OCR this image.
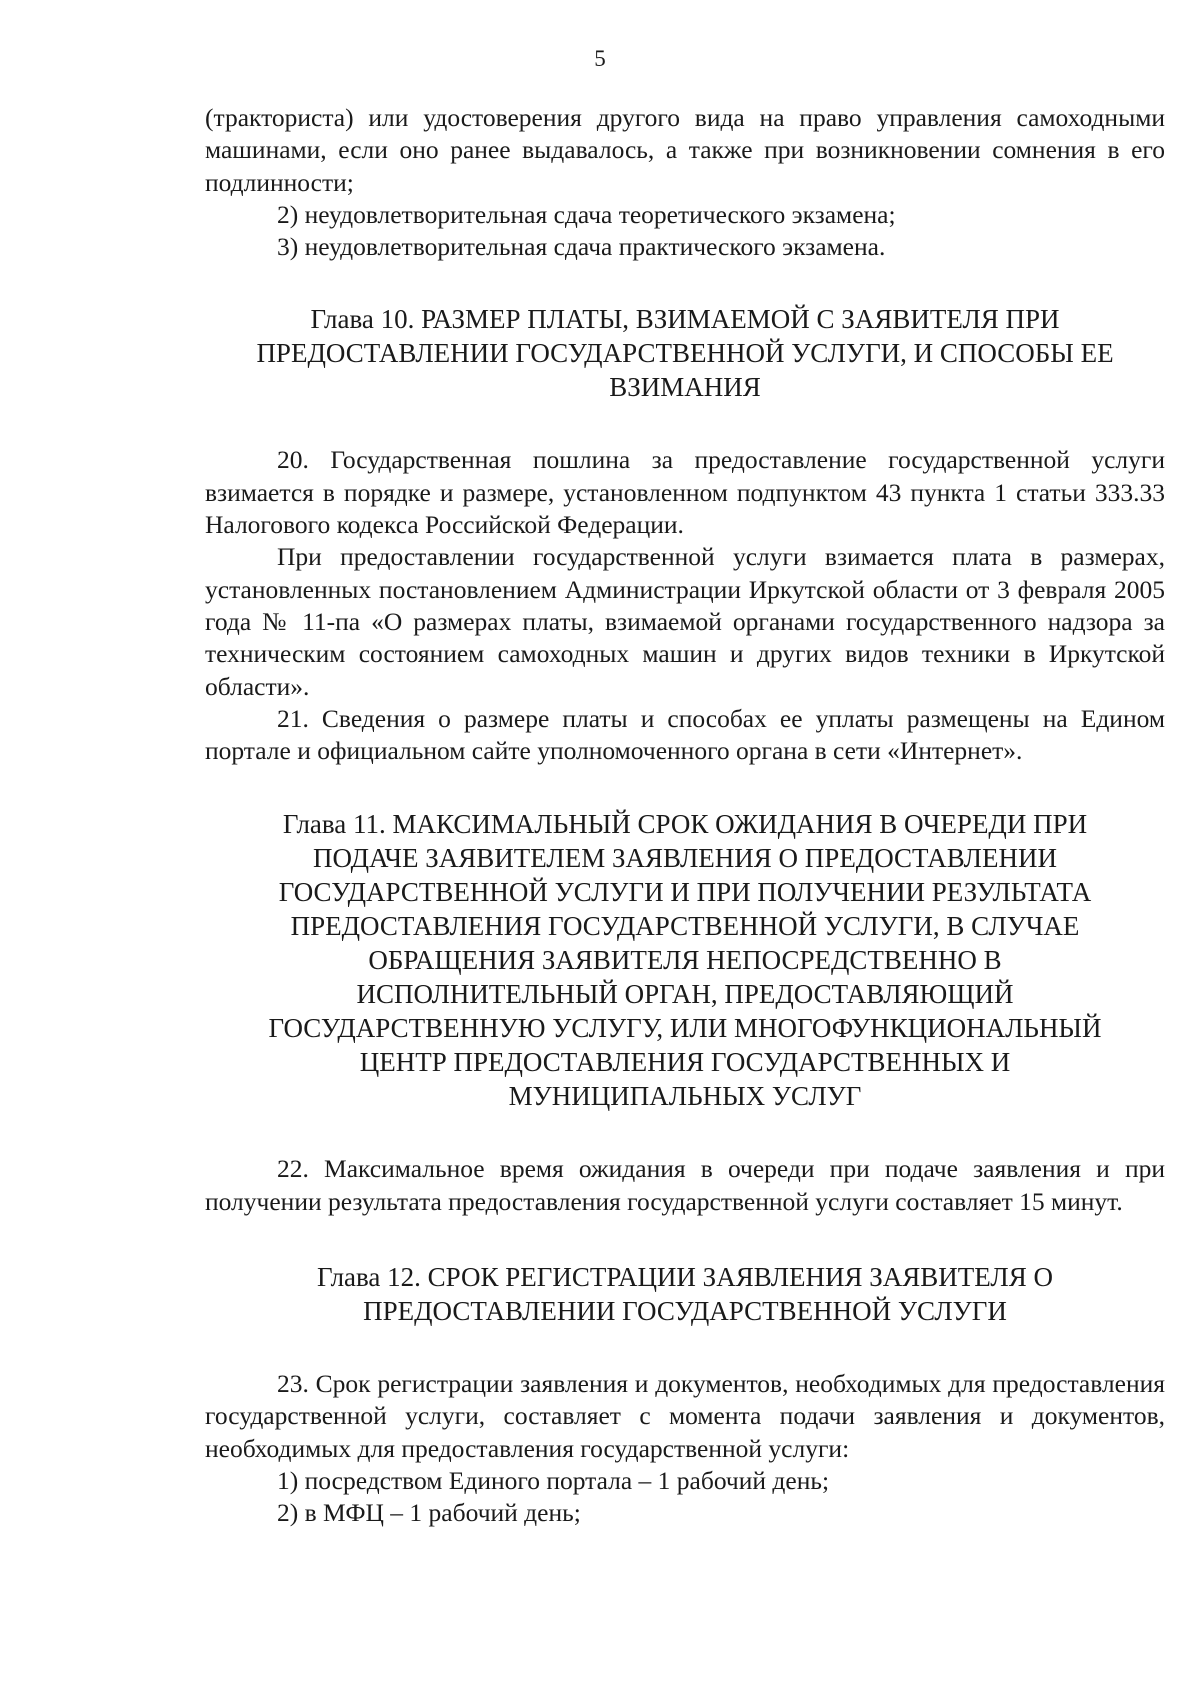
5

(тракториста) или удостоверения другого вида на право управления самоходными машинами, если оно ранее выдавалось, а также при возникновении сомнения в его подлинности;

2) неудовлетворительная сдача теоретического экзамена;

3) неудовлетворительная сдача практического экзамена.

Глава 10. РАЗМЕР ПЛАТЫ, ВЗИМАЕМОЙ С ЗАЯВИТЕЛЯ ПРИ
ПРЕДОСТАВЛЕНИИ ГОСУДАРСТВЕННОЙ УСЛУГИ, И СПОСОБЫ ЕЕ
ВЗИМАНИЯ

20. Государственная пошлина за предоставление государственной услуги взимается в порядке и размере, установленном подпунктом 43 пункта 1 статьи 333.33 Налогового кодекса Российской Федерации.

При предоставлении государственной услуги взимается плата в размерах, установленных постановлением Администрации Иркутской области от 3 февраля 2005 года № 11-па «О размерах платы, взимаемой органами государственного надзора за техническим состоянием самоходных машин и других видов техники в Иркутской области».

21. Сведения о размере платы и способах ее уплаты размещены на Едином портале и официальном сайте уполномоченного органа в сети «Интернет».

Глава 11. МАКСИМАЛЬНЫЙ СРОК ОЖИДАНИЯ В ОЧЕРЕДИ ПРИ
ПОДАЧЕ ЗАЯВИТЕЛЕМ ЗАЯВЛЕНИЯ О ПРЕДОСТАВЛЕНИИ
ГОСУДАРСТВЕННОЙ УСЛУГИ И ПРИ ПОЛУЧЕНИИ РЕЗУЛЬТАТА
ПРЕДОСТАВЛЕНИЯ ГОСУДАРСТВЕННОЙ УСЛУГИ, В СЛУЧАЕ
ОБРАЩЕНИЯ ЗАЯВИТЕЛЯ НЕПОСРЕДСТВЕННО В
ИСПОЛНИТЕЛЬНЫЙ ОРГАН, ПРЕДОСТАВЛЯЮЩИЙ
ГОСУДАРСТВЕННУЮ УСЛУГУ, ИЛИ МНОГОФУНКЦИОНАЛЬНЫЙ
ЦЕНТР ПРЕДОСТАВЛЕНИЯ ГОСУДАРСТВЕННЫХ И
МУНИЦИПАЛЬНЫХ УСЛУГ

22. Максимальное время ожидания в очереди при подаче заявления и при получении результата предоставления государственной услуги составляет 15 минут.

Глава 12. СРОК РЕГИСТРАЦИИ ЗАЯВЛЕНИЯ ЗАЯВИТЕЛЯ О
ПРЕДОСТАВЛЕНИИ ГОСУДАРСТВЕННОЙ УСЛУГИ

23. Срок регистрации заявления и документов, необходимых для предоставления государственной услуги, составляет с момента подачи заявления и документов, необходимых для предоставления государственной услуги:

1) посредством Единого портала – 1 рабочий день;

2) в МФЦ – 1 рабочий день;
